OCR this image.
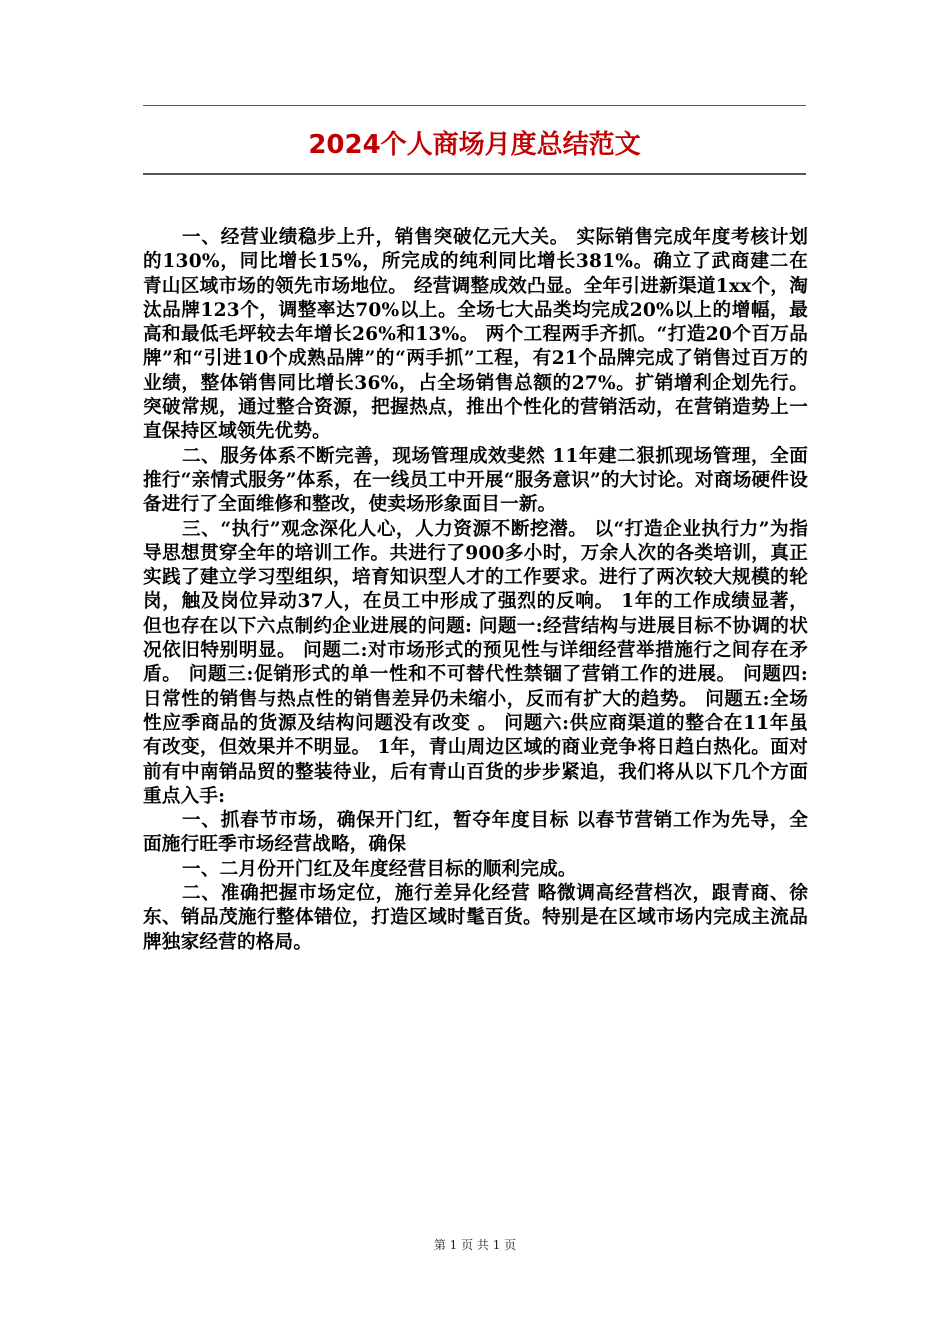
2024个人商场月度总结范文

一、经营业绩稳步上升，销售突破亿元大关。 实际销售完成年度考核计划的130%，同比增长15%，所完成的纯利同比增长381%。确立了武商建二在青山区域市场的领先市场地位。 经营调整成效凸显。全年引进新渠道1xx个，淘汰品牌123个，调整率达70%以上。全场七大品类均完成20%以上的增幅，最高和最低毛坪较去年增长26%和13%。 两个工程两手齐抓。“打造20个百万品牌”和“引进10个成熟品牌”的“两手抓”工程，有21个品牌完成了销售过百万的业绩，整体销售同比增长36%，占全场销售总额的27%。扩销增利企划先行。突破常规，通过整合资源，把握热点，推出个性化的营销活动，在营销造势上一直保持区域领先优势。

二、服务体系不断完善，现场管理成效斐然 11年建二狠抓现场管理，全面推行“亲情式服务”体系，在一线员工中开展“服务意识”的大讨论。对商场硬件设备进行了全面维修和整改，使卖场形象面目一新。

三、“执行”观念深化人心，人力资源不断挖潜。 以“打造企业执行力”为指导思想贯穿全年的培训工作。共进行了900多小时，万余人次的各类培训，真正实践了建立学习型组织，培育知识型人才的工作要求。进行了两次较大规模的轮岗，触及岗位异动37人，在员工中形成了强烈的反响。 1年的工作成绩显著，但也存在以下六点制约企业进展的问题: 问题一:经营结构与进展目标不协调的状况依旧特别明显。 问题二:对市场形式的预见性与详细经营举措施行之间存在矛盾。 问题三:促销形式的单一性和不可替代性禁锢了营销工作的进展。 问题四:日常性的销售与热点性的销售差异仍未缩小，反而有扩大的趋势。 问题五:全场性应季商品的货源及结构问题没有改变 。 问题六:供应商渠道的整合在11年虽有改变，但效果并不明显。 1年，青山周边区域的商业竞争将日趋白热化。面对前有中南销品贸的整装待业，后有青山百货的步步紧追，我们将从以下几个方面重点入手:

一、抓春节市场，确保开门红，暂夺年度目标 以春节营销工作为先导，全面施行旺季市场经营战略，确保

一、二月份开门红及年度经营目标的顺利完成。

二、准确把握市场定位，施行差异化经营 略微调高经营档次，跟青商、徐东、销品茂施行整体错位，打造区域时髦百货。特别是在区域市场内完成主流品牌独家经营的格局。

第 1 页 共 1 页
